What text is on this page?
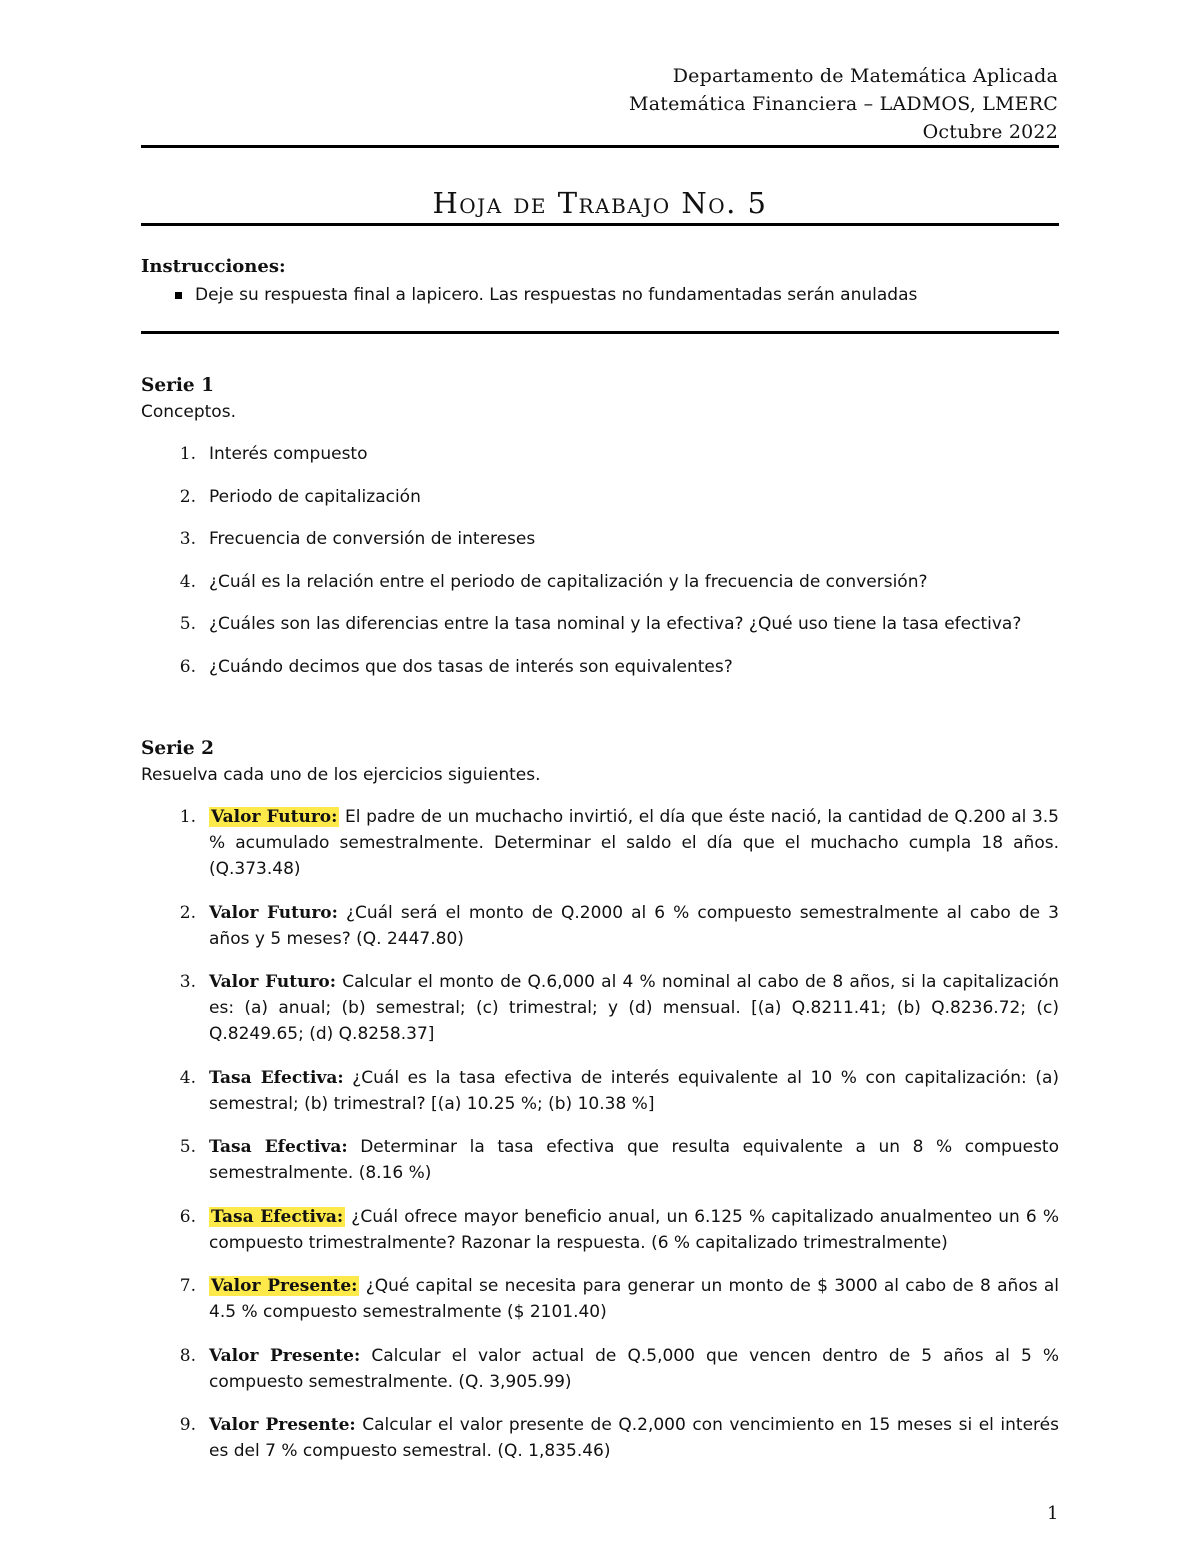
Departamento de Matemática Aplicada
Matemática Financiera – LADMOS, LMERC
Octubre 2022
Hoja de Trabajo No. 5
Instrucciones:
Deje su respuesta final a lapicero. Las respuestas no fundamentadas serán anuladas
Serie 1
Conceptos.
1. Interés compuesto
2. Periodo de capitalización
3. Frecuencia de conversión de intereses
4. ¿Cuál es la relación entre el periodo de capitalización y la frecuencia de conversión?
5. ¿Cuáles son las diferencias entre la tasa nominal y la efectiva? ¿Qué uso tiene la tasa efectiva?
6. ¿Cuándo decimos que dos tasas de interés son equivalentes?
Serie 2
Resuelva cada uno de los ejercicios siguientes.
1. Valor Futuro: El padre de un muchacho invirtió, el día que éste nació, la cantidad de Q.200 al 3.5 % acumulado semestralmente. Determinar el saldo el día que el muchacho cumpla 18 años. (Q.373.48)
2. Valor Futuro: ¿Cuál será el monto de Q.2000 al 6 % compuesto semestralmente al cabo de 3 años y 5 meses? (Q. 2447.80)
3. Valor Futuro: Calcular el monto de Q.6,000 al 4 % nominal al cabo de 8 años, si la capitalización es: (a) anual; (b) semestral; (c) trimestral; y (d) mensual. [(a) Q.8211.41; (b) Q.8236.72; (c) Q.8249.65; (d) Q.8258.37]
4. Tasa Efectiva: ¿Cuál es la tasa efectiva de interés equivalente al 10 % con capitalización: (a) semestral; (b) trimestral? [(a) 10.25 %; (b) 10.38 %]
5. Tasa Efectiva: Determinar la tasa efectiva que resulta equivalente a un 8 % compuesto semestralmente. (8.16 %)
6. Tasa Efectiva: ¿Cuál ofrece mayor beneficio anual, un 6.125 % capitalizado anualmenteo un 6 % compuesto trimestralmente? Razonar la respuesta. (6 % capitalizado trimestralmente)
7. Valor Presente: ¿Qué capital se necesita para generar un monto de $ 3000 al cabo de 8 años al 4.5 % compuesto semestralmente ($ 2101.40)
8. Valor Presente: Calcular el valor actual de Q.5,000 que vencen dentro de 5 años al 5 % compuesto semestralmente. (Q. 3,905.99)
9. Valor Presente: Calcular el valor presente de Q.2,000 con vencimiento en 15 meses si el interés es del 7 % compuesto semestral. (Q. 1,835.46)
1
